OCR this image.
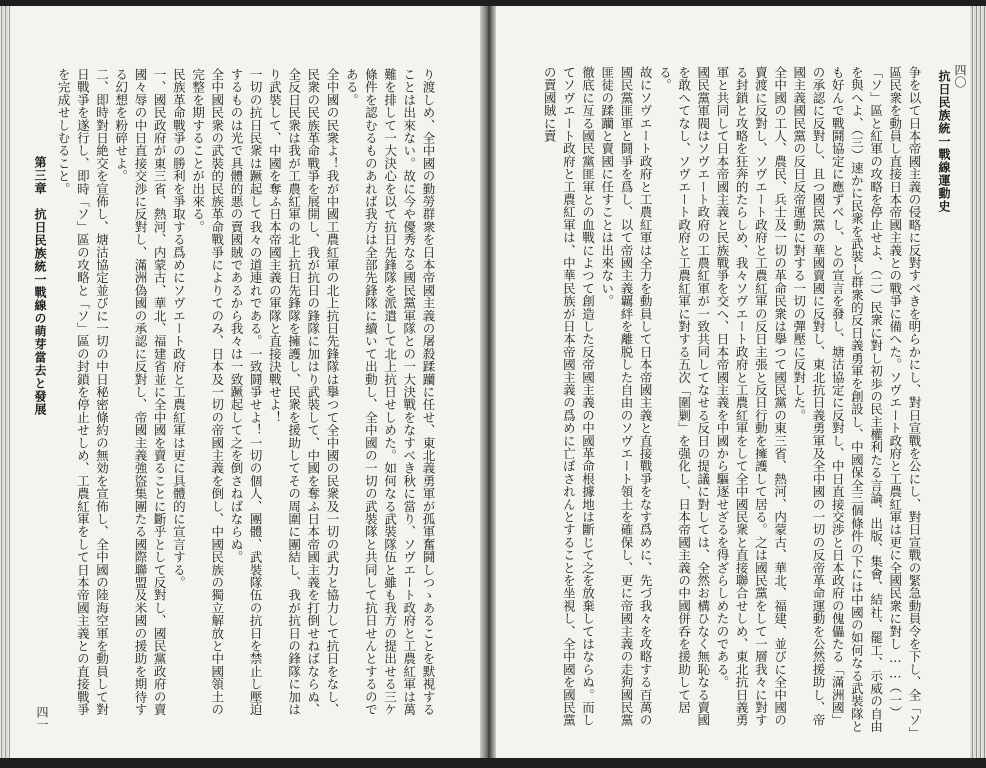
四一
第三章　抗日民族統一戰線の萌芽當去と發展	り渡しめ、全中國の勤勞群衆を日本帝國主義の屠殺蹂躪に任せ、東北義勇軍が孤軍奮鬪しつゝあることを默視することは出來ない。故に今や優秀なる國民黨軍隊との一大決戰をなすべき秋に當り、ソヴエート政府と工農紅軍は萬難を排して一大決心を以て抗日先鋒隊を派遣して北上抗日せしめた。如何なる武裝隊伍と雖も我方の提出せる三ケ條件を認むるものあれば我方は全部先鋒隊に續いて出動し、全中國の一切の武裝隊と共同して抗日せんとするのである。
全中國の民衆よ！我が中國工農紅軍の北上抗日先鋒隊は擧つて全中國の民衆及一切の武力と協力して抗日をなし、民衆の民族革命戰爭を展開し、我が抗日の鋒隊に加はり武裝して、中國を奪ふ日本帝國主義を打倒せねばならぬ、全反日民衆は我が工農紅軍の北上抗日先鋒隊を擁護し、民衆を援助してその周圍に團結し、我が抗日の鋒隊に加はり武裝して、中國を奪ふ日本帝國主義の軍隊と直接決戰せよ！
一切の抗日民衆は蹶起して我々の道連れである。一致鬪爭せよ！一切の個人、團體、武裝隊伍の抗日を禁止し壓迫するものは光で具體的悪の賣國賊であるから我々は一致蹶起して之を倒さねばならぬ。
全中國民衆の武裝的民族革命戰爭によりてのみ、日本及一切の帝國主義を倒し、中國民族の獨立解放と中國領土の完整を期することが出來る。
民族革命戰爭の勝利を爭取する爲めにソヴエート政府と工農紅軍は更に具體的に宣言する。
一、國民政府が東三省、熱河、内蒙古、華北、福建省並に全中國を賣ることに斷乎として反對し、國民黨政府の賣國々辱の中日直接交渉に反對し、滿洲偽國の承認に反對し、帝國主義強盜集團たる國際聯盟及米國の援助を期待する幻想を粉碎せよ。
二、即時對日絶交を宣佈し、塘沽協定並びに一切の中日秘密條約の無効を宣佈し、全中國の陸海空軍を動員して對日戰爭を遂行し、即時「ソ」區の攻略と「ソ」區の封鎖を停止せしめ、工農紅軍をして日本帝國主義との直接戰爭を完成せしむること。	四〇
抗日民族統一戰線運動史
争を以て日本帝國主義の侵略に反對すべきを明らかにし、對日宣戰を公にし、對日宣戰の緊急動員令を下し、全「ソ」區民衆を動員し直接日本帝國主義との戰爭に備へた。ソヴエート政府と工農紅軍は更に全國民衆に對し……（一）「ソ」區と紅軍の攻略を停止せよ、（二）民衆に對し初歩の民主權利たる言論、出版、集會、結社、罷工、示威の自由を與へよ、（三）速かに民衆を武裝し群衆的反日義勇軍を創設し、中國保全三個條件の下には中國の如何なる武裝隊とも好んで戰鬪協定に應ずべし、との宣言を發し、塘沽協定に反對し、中日直接交渉と日本政府の傀儡たる「滿洲國」の承認に反對し、且つ國民黨の華國賣國に反對し、東北抗日義勇軍及全中國の一切の反帝革命運動を公然援助し、帝國主義國民黨の反日反帝運動に對する一切の彈壓に反對した。
全中國の工人、農民、兵士及一切の革命民衆は擧つて國民黨の東三省、熱河、内蒙古、華北、福建、並びに全中國の賣渡に反對し、ソヴエート政府と工農紅軍の反日主張と反日行動を擁護して居る。之は國民黨をして一層我々に對する封鎖と攻略を狂奔的たらしめ、我々ソヴエート政府と工農紅軍をして全中國民衆と直接聯合せしめ、東北抗日義勇軍と共同して日本帝國主義と民族戰爭を交へ、日本帝國主義を中國から驅逐せざるを得ざらしめたのである。
國民黨軍閥はソヴエート政府の工農紅軍が一致共同してなせる反日の提議に對しては、全然お構ひなく無恥なる賣國を敢へてなし、ソヴエート政府と工農紅軍に對する五次「圍剿」を强化し、日本帝國主義の中國併呑を援助して居る。
故にソヴエート政府と工農紅軍は全力を動員して日本帝國主義と直接戰爭をなす爲めに、先づ我々を攻略する百萬の國民黨匪軍と鬪爭を爲し、以て帝國主義覊絆を離脱した自由のソヴエート領土を確保し、更に帝國主義の走狗國民黨匪徒の蹂躪と賣國に任すことは出來ない。
徹底に亙る國民黨匪軍との血戰によつて創造した反帝國主義の中國革命根據地は斷じて之を放棄してはならぬ。而してソヴエート政府と工農紅軍は、中華民族が日本帝國主義の爲めに亡ぼされんとすることを坐視し、全中國を國民黨の賣國賊に賣
